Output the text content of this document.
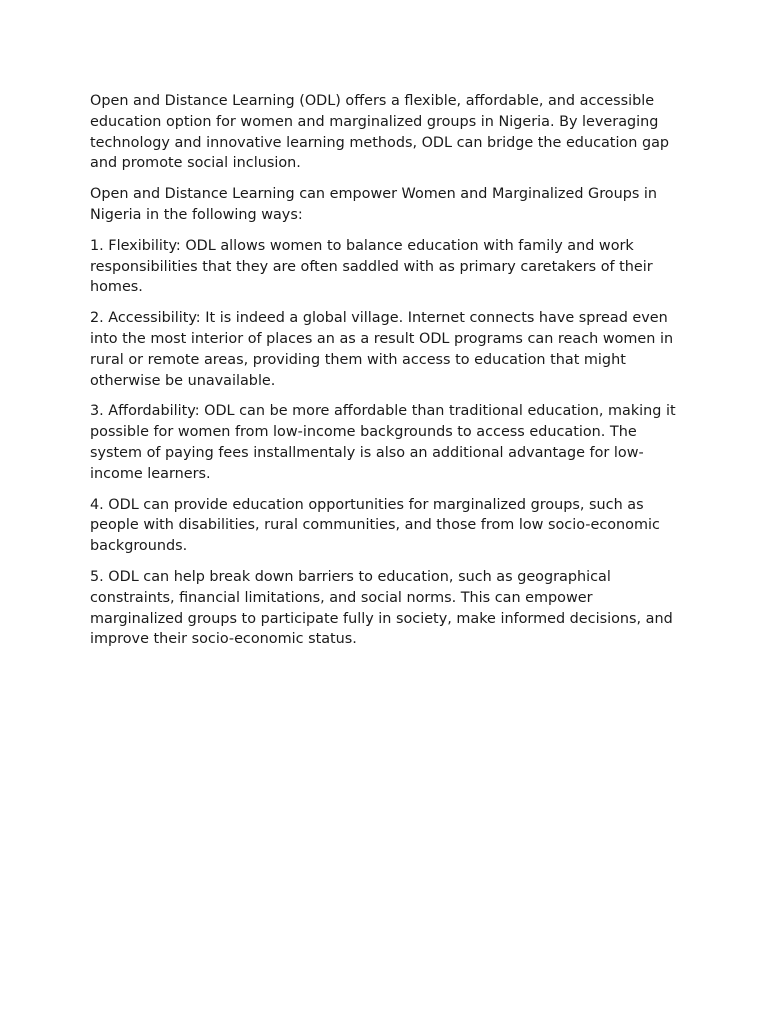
Open and Distance Learning (ODL) offers a flexible, affordable, and accessible education option for women and marginalized groups in Nigeria. By leveraging technology and innovative learning methods, ODL can bridge the education gap and promote social inclusion.

Open and Distance Learning can empower Women and Marginalized Groups in Nigeria in the following ways:

1. Flexibility: ODL allows women to balance education with family and work responsibilities that they are often saddled with as primary caretakers of their homes.

2. Accessibility: It is indeed a global village. Internet connects have spread even into the most interior of places an as a result ODL programs can reach women in rural or remote areas, providing them with access to education that might otherwise be unavailable.

3. Affordability: ODL can be more affordable than traditional education, making it possible for women from low-income backgrounds to access education. The system of paying fees installmentaly is also an additional advantage for low- income learners.

4. ODL can provide education opportunities for marginalized groups, such as people with disabilities, rural communities, and those from low socio-economic backgrounds.

5. ODL can help break down barriers to education, such as geographical constraints, financial limitations, and social norms. This can empower marginalized groups to participate fully in society, make informed decisions, and improve their socio-economic status.
